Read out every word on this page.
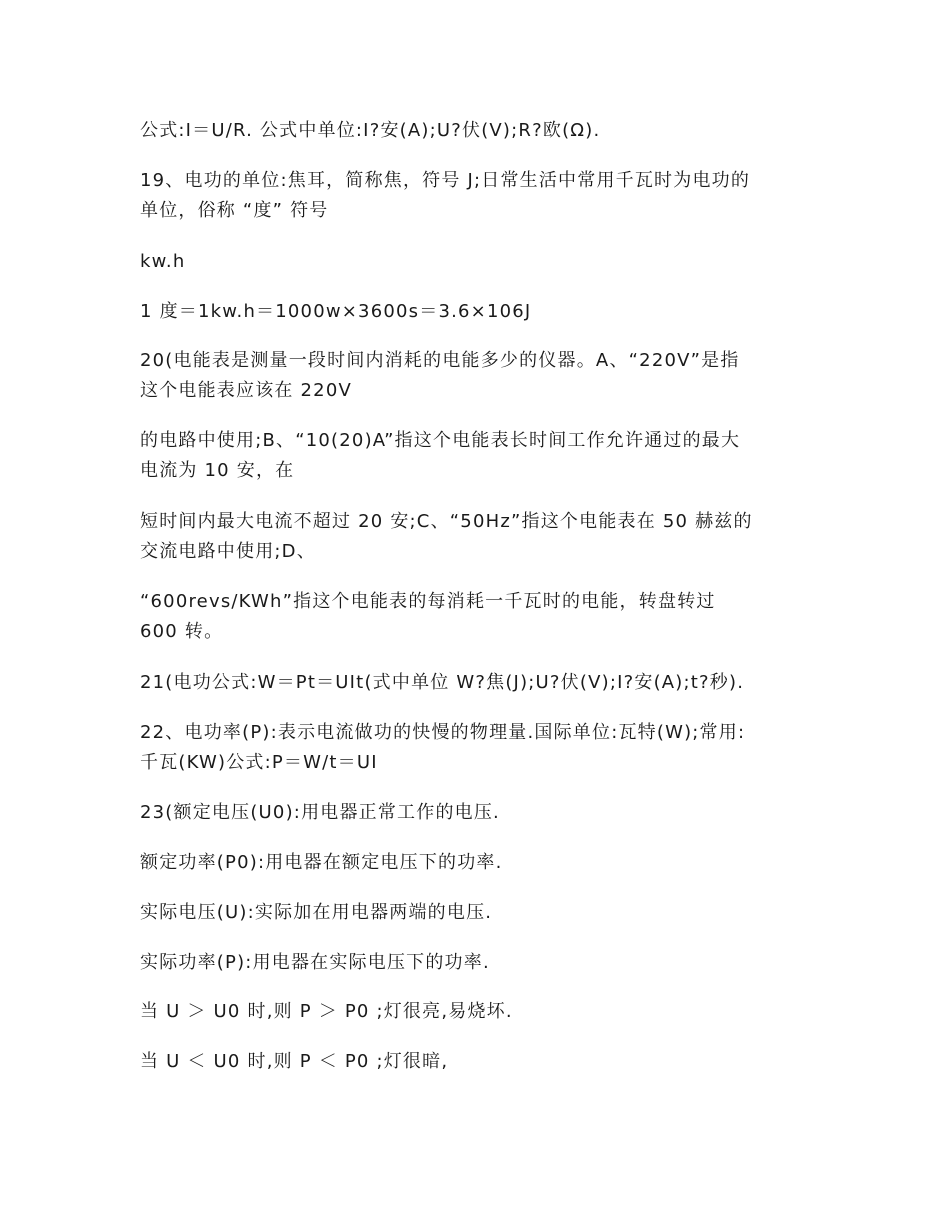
公式:I＝U/R. 公式中单位:I?安(A);U?伏(V);R?欧(Ω).
19、电功的单位:焦耳，简称焦，符号 J;日常生活中常用千瓦时为电功的
单位，俗称 “度” 符号
kw.h
1 度＝1kw.h＝1000w×3600s＝3.6×106J
20(电能表是测量一段时间内消耗的电能多少的仪器。A、“220V”是指
这个电能表应该在 220V
的电路中使用;B、“10(20)A”指这个电能表长时间工作允许通过的最大
电流为 10 安，在
短时间内最大电流不超过 20 安;C、“50Hz”指这个电能表在 50 赫兹的
交流电路中使用;D、
“600revs/KWh”指这个电能表的每消耗一千瓦时的电能，转盘转过
600 转。
21(电功公式:W＝Pt＝UIt(式中单位 W?焦(J);U?伏(V);I?安(A);t?秒).
22、电功率(P):表示电流做功的快慢的物理量.国际单位:瓦特(W);常用:
千瓦(KW)公式:P＝W/t＝UI
23(额定电压(U0):用电器正常工作的电压.
额定功率(P0):用电器在额定电压下的功率.
实际电压(U):实际加在用电器两端的电压.
实际功率(P):用电器在实际电压下的功率.
当 U ＞ U0 时,则 P ＞ P0 ;灯很亮,易烧坏.
当 U ＜ U0 时,则 P ＜ P0 ;灯很暗,
